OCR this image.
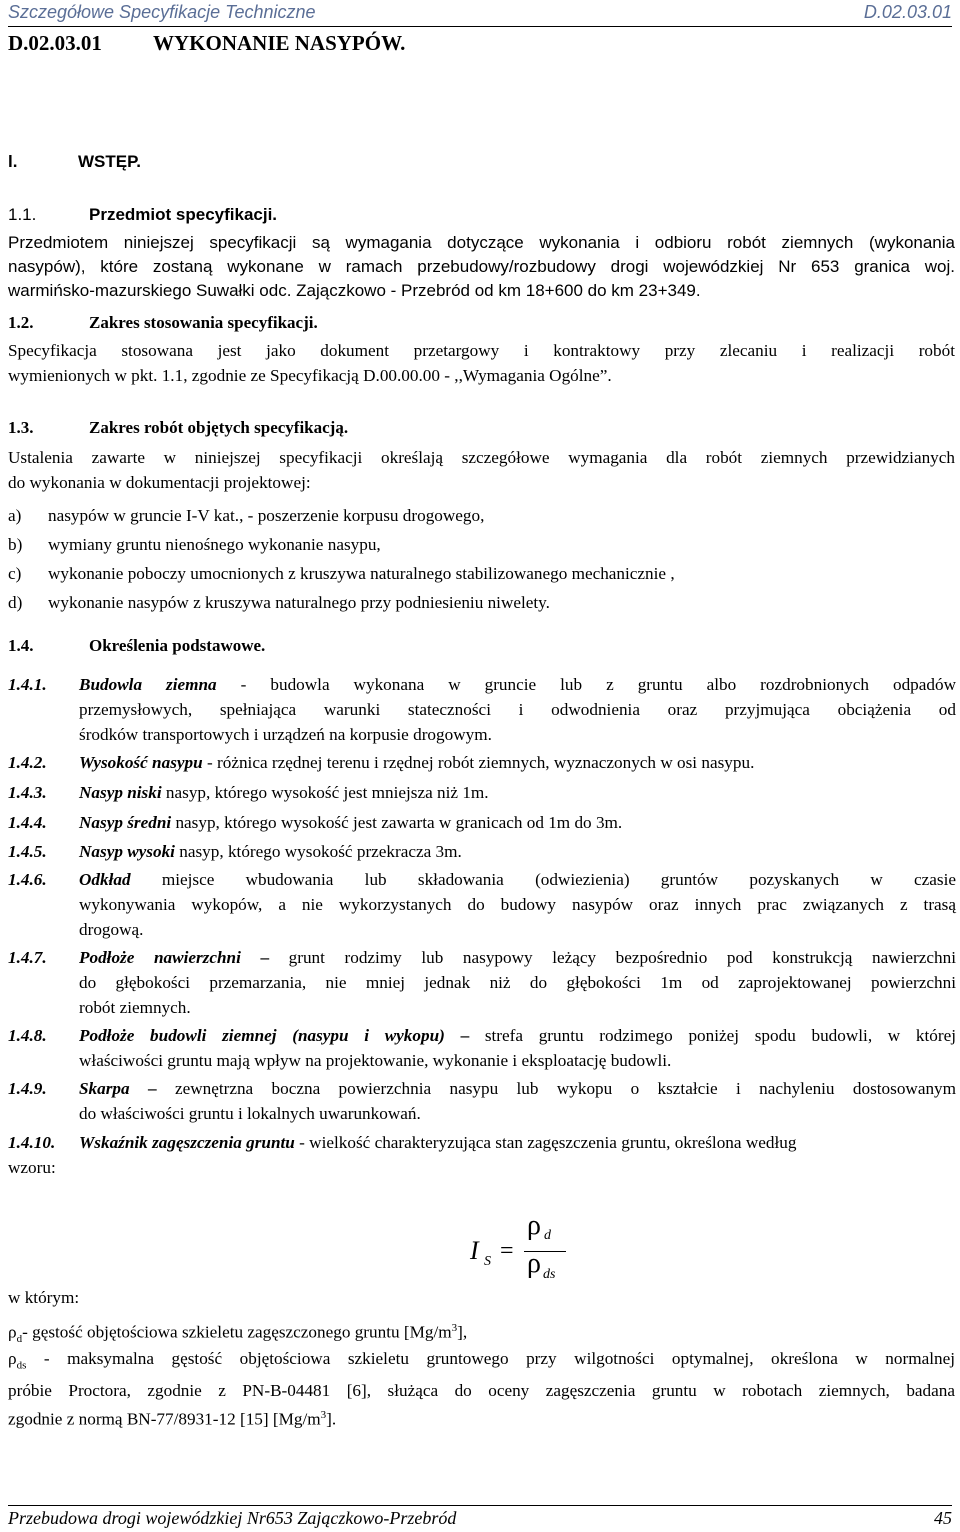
Szczegółowe Specyfikacje Techniczne	D.02.03.01
D.02.03.01 WYKONANIE NASYPÓW.
l.	WSTĘP.
1.1.	Przedmiot specyfikacji.
Przedmiotem niniejszej specyfikacji są wymagania dotyczące wykonania i odbioru robót ziemnych (wykonania
nasypów), które zostaną wykonane w ramach przebudowy/rozbudowy drogi wojewódzkiej Nr 653 granica woj.
warmińsko-mazurskiego Suwałki odc. Zajączkowo - Przebród od km 18+600 do km 23+349.
1.2.	Zakres stosowania specyfikacji.
Specyfikacja stosowana jest jako dokument przetargowy i kontraktowy przy zlecaniu i realizacji robót
wymienionych w pkt. 1.1, zgodnie ze Specyfikacją D.00.00.00 - ,,Wymagania Ogólne”.
1.3.	Zakres robót objętych specyfikacją.
Ustalenia zawarte w niniejszej specyfikacji określają szczegółowe wymagania dla robót ziemnych przewidzianych
do wykonania w dokumentacji projektowej:
a) nasypów w gruncie I-V kat., - poszerzenie korpusu drogowego,
b) wymiany gruntu nienośnego wykonanie nasypu,
c) wykonanie poboczy umocnionych z kruszywa naturalnego stabilizowanego mechanicznie ,
d) wykonanie nasypów z kruszywa naturalnego przy podniesieniu niwelety.
1.4.	Określenia podstawowe.
1.4.1. Budowla ziemna - budowla wykonana w gruncie lub z gruntu albo rozdrobnionych odpadów
przemysłowych, spełniająca warunki stateczności i odwodnienia oraz przyjmująca obciążenia od
środków transportowych i urządzeń na korpusie drogowym.
1.4.2. Wysokość nasypu - różnica rzędnej terenu i rzędnej robót ziemnych, wyznaczonych w osi nasypu.
1.4.3. Nasyp niski nasyp, którego wysokość jest mniejsza niż 1m.
1.4.4. Nasyp średni nasyp, którego wysokość jest zawarta w granicach od 1m do 3m.
1.4.5. Nasyp wysoki nasyp, którego wysokość przekracza 3m.
1.4.6. Odkład miejsce wbudowania lub składowania (odwiezienia) gruntów pozyskanych w czasie
wykonywania wykopów, a nie wykorzystanych do budowy nasypów oraz innych prac związanych z trasą
drogową.
1.4.7. Podłoże nawierzchni – grunt rodzimy lub nasypowy leżący bezpośrednio pod konstrukcją nawierzchni
do głębokości przemarzania, nie mniej jednak niż do głębokości 1m od zaprojektowanej powierzchni
robót ziemnych.
1.4.8. Podłoże budowli ziemnej (nasypu i wykopu) – strefa gruntu rodzimego poniżej spodu budowli, w której
właściwości gruntu mają wpływ na projektowanie, wykonanie i eksploatację budowli.
1.4.9. Skarpa – zewnętrzna boczna powierzchnia nasypu lub wykopu o kształcie i nachyleniu dostosowanym
do właściwości gruntu i lokalnych uwarunkowań.
1.4.10. Wskaźnik zagęszczenia gruntu - wielkość charakteryzująca stan zagęszczenia gruntu, określona według
wzoru:
I S =
ρ d
ρ ds
w którym:
$\rho_d-$ gęstość objętościowa szkieletu zagęszczonego gruntu $[Mg/m^3]$,
$\rho_{ds}$ - maksymalna gęstość objętościowa szkieletu gruntowego przy wilgotności optymalnej, określona w normalnej
próbie Proctora, zgodnie z PN-B-04481 [6], służąca do oceny zagęszczenia gruntu w robotach ziemnych, badana
zgodnie z normą BN-77/8931-12 [15] $[Mg/m^3]$.
Przebudowa drogi wojewódzkiej Nr653 Zajączkowo-Przebród	45
